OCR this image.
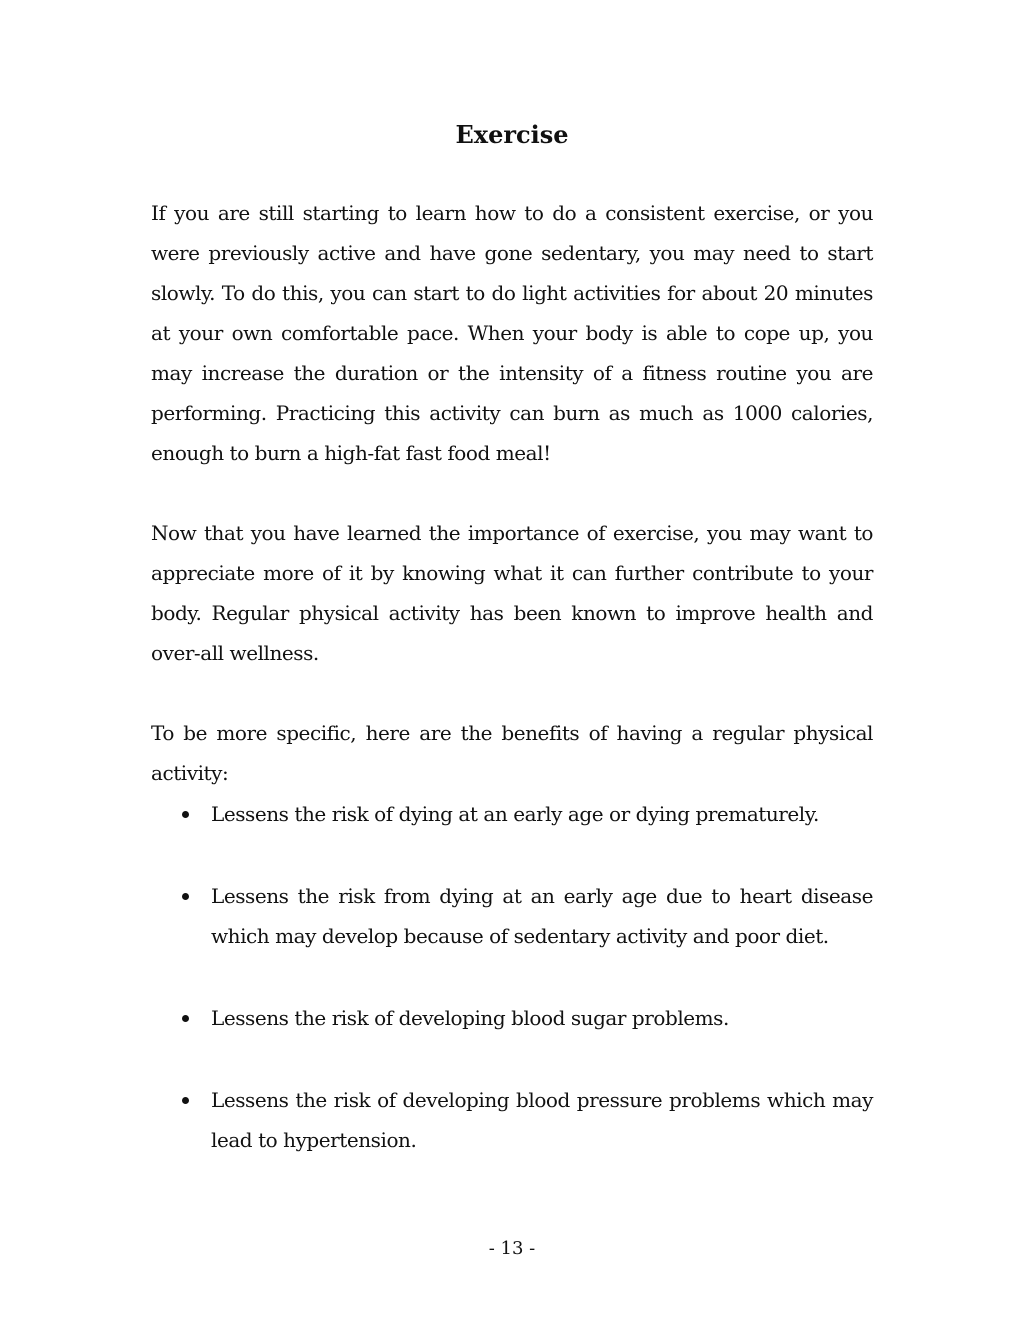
Exercise

If you are still starting to learn how to do a consistent exercise, or you were previously active and have gone sedentary, you may need to start slowly. To do this, you can start to do light activities for about 20 minutes at your own comfortable pace. When your body is able to cope up, you may increase the duration or the intensity of a fitness routine you are performing. Practicing this activity can burn as much as 1000 calories, enough to burn a high-fat fast food meal!

Now that you have learned the importance of exercise, you may want to appreciate more of it by knowing what it can further contribute to your body. Regular physical activity has been known to improve health and over-all wellness.

To be more specific, here are the benefits of having a regular physical activity:

Lessens the risk of dying at an early age or dying prematurely.
Lessens the risk from dying at an early age due to heart disease which may develop because of sedentary activity and poor diet.
Lessens the risk of developing blood sugar problems.
Lessens the risk of developing blood pressure problems which may lead to hypertension.

- 13 -
